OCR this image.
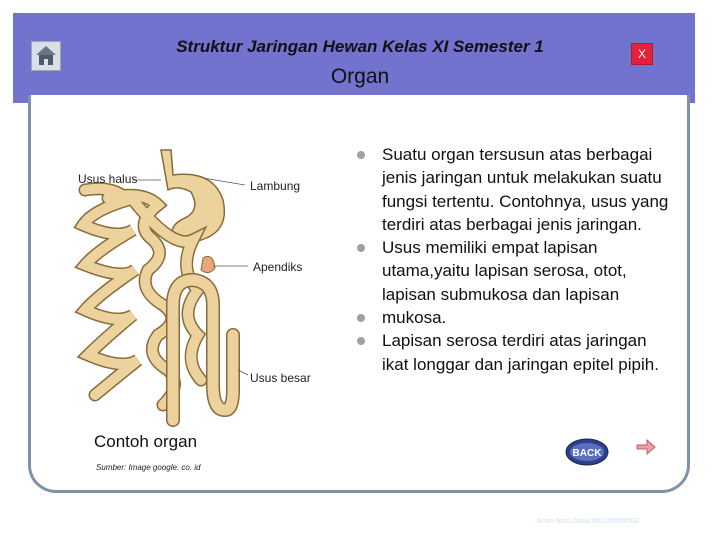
Struktur Jaringan Hewan Kelas XI Semester 1
Organ
X
Usus halus	Lambung
Apendiks
Usus besar
Contoh organ
Sumber: Image google. co. id
Suatu organ tersusun atas berbagai jenis jaringan untuk melakukan suatu fungsi tertentu. Contohnya, usus yang terdiri atas berbagai jenis jaringan.
Usus memiliki empat lapisan utama,yaitu lapisan serosa, otot, lapisan submukosa dan lapisan
mukosa.
Lapisan serosa terdiri atas jaringan ikat longgar dan jaringan epitel pipih.
BACK
Arum Nuril Zaroa 081000000000
